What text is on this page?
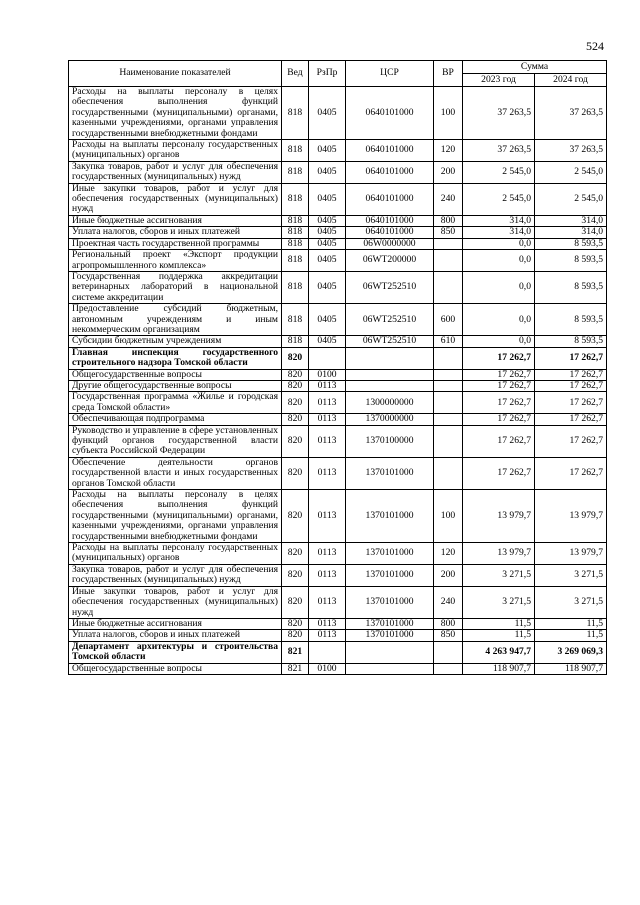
524
Наименование показателей	Вед	РзПр	ЦСР	ВР	Сумма	
					2023 год	2024 год
Расходы на выплаты персоналу в целях обеспечения выполнения функций государственными (муниципальными) органами, казенными учреждениями, органами управления государственными внебюджетными фондами	818	0405	0640101000	100	37 263,5	37 263,5
Расходы на выплаты персоналу государственных (муниципальных) органов	818	0405	0640101000	120	37 263,5	37 263,5
Закупка товаров, работ и услуг для обеспечения государственных (муниципальных) нужд	818	0405	0640101000	200	2 545,0	2 545,0
Иные закупки товаров, работ и услуг для обеспечения государственных (муниципальных) нужд	818	0405	0640101000	240	2 545,0	2 545,0
Иные бюджетные ассигнования	818	0405	0640101000	800	314,0	314,0
Уплата налогов, сборов и иных платежей	818	0405	0640101000	850	314,0	314,0
Проектная часть государственной программы	818	0405	06W0000000		0,0	8 593,5
Региональный проект «Экспорт продукции агропромышленного комплекса»	818	0405	06WT200000		0,0	8 593,5
Государственная поддержка аккредитации ветеринарных лабораторий в национальной системе аккредитации	818	0405	06WT252510		0,0	8 593,5
Предоставление субсидий бюджетным, автономным учреждениям и иным некоммерческим организациям	818	0405	06WT252510	600	0,0	8 593,5
Субсидии бюджетным учреждениям	818	0405	06WT252510	610	0,0	8 593,5
Главная инспекция государственного строительного надзора Томской области	820				17 262,7	17 262,7
Общегосударственные вопросы	820	0100			17 262,7	17 262,7
Другие общегосударственные вопросы	820	0113			17 262,7	17 262,7
Государственная программа «Жилье и городская среда Томской области»	820	0113	1300000000		17 262,7	17 262,7
Обеспечивающая подпрограмма	820	0113	1370000000		17 262,7	17 262,7
Руководство и управление в сфере установленных функций органов государственной власти субъекта Российской Федерации	820	0113	1370100000		17 262,7	17 262,7
Обеспечение деятельности органов государственной власти и иных государственных органов Томской области	820	0113	1370101000		17 262,7	17 262,7
Расходы на выплаты персоналу в целях обеспечения выполнения функций государственными (муниципальными) органами, казенными учреждениями, органами управления государственными внебюджетными фондами	820	0113	1370101000	100	13 979,7	13 979,7
Расходы на выплаты персоналу государственных (муниципальных) органов	820	0113	1370101000	120	13 979,7	13 979,7
Закупка товаров, работ и услуг для обеспечения государственных (муниципальных) нужд	820	0113	1370101000	200	3 271,5	3 271,5
Иные закупки товаров, работ и услуг для обеспечения государственных (муниципальных) нужд	820	0113	1370101000	240	3 271,5	3 271,5
Иные бюджетные ассигнования	820	0113	1370101000	800	11,5	11,5
Уплата налогов, сборов и иных платежей	820	0113	1370101000	850	11,5	11,5
Департамент архитектуры и строительства Томской области	821				4 263 947,7	3 269 069,3
Общегосударственные вопросы	821	0100			118 907,7	118 907,7
